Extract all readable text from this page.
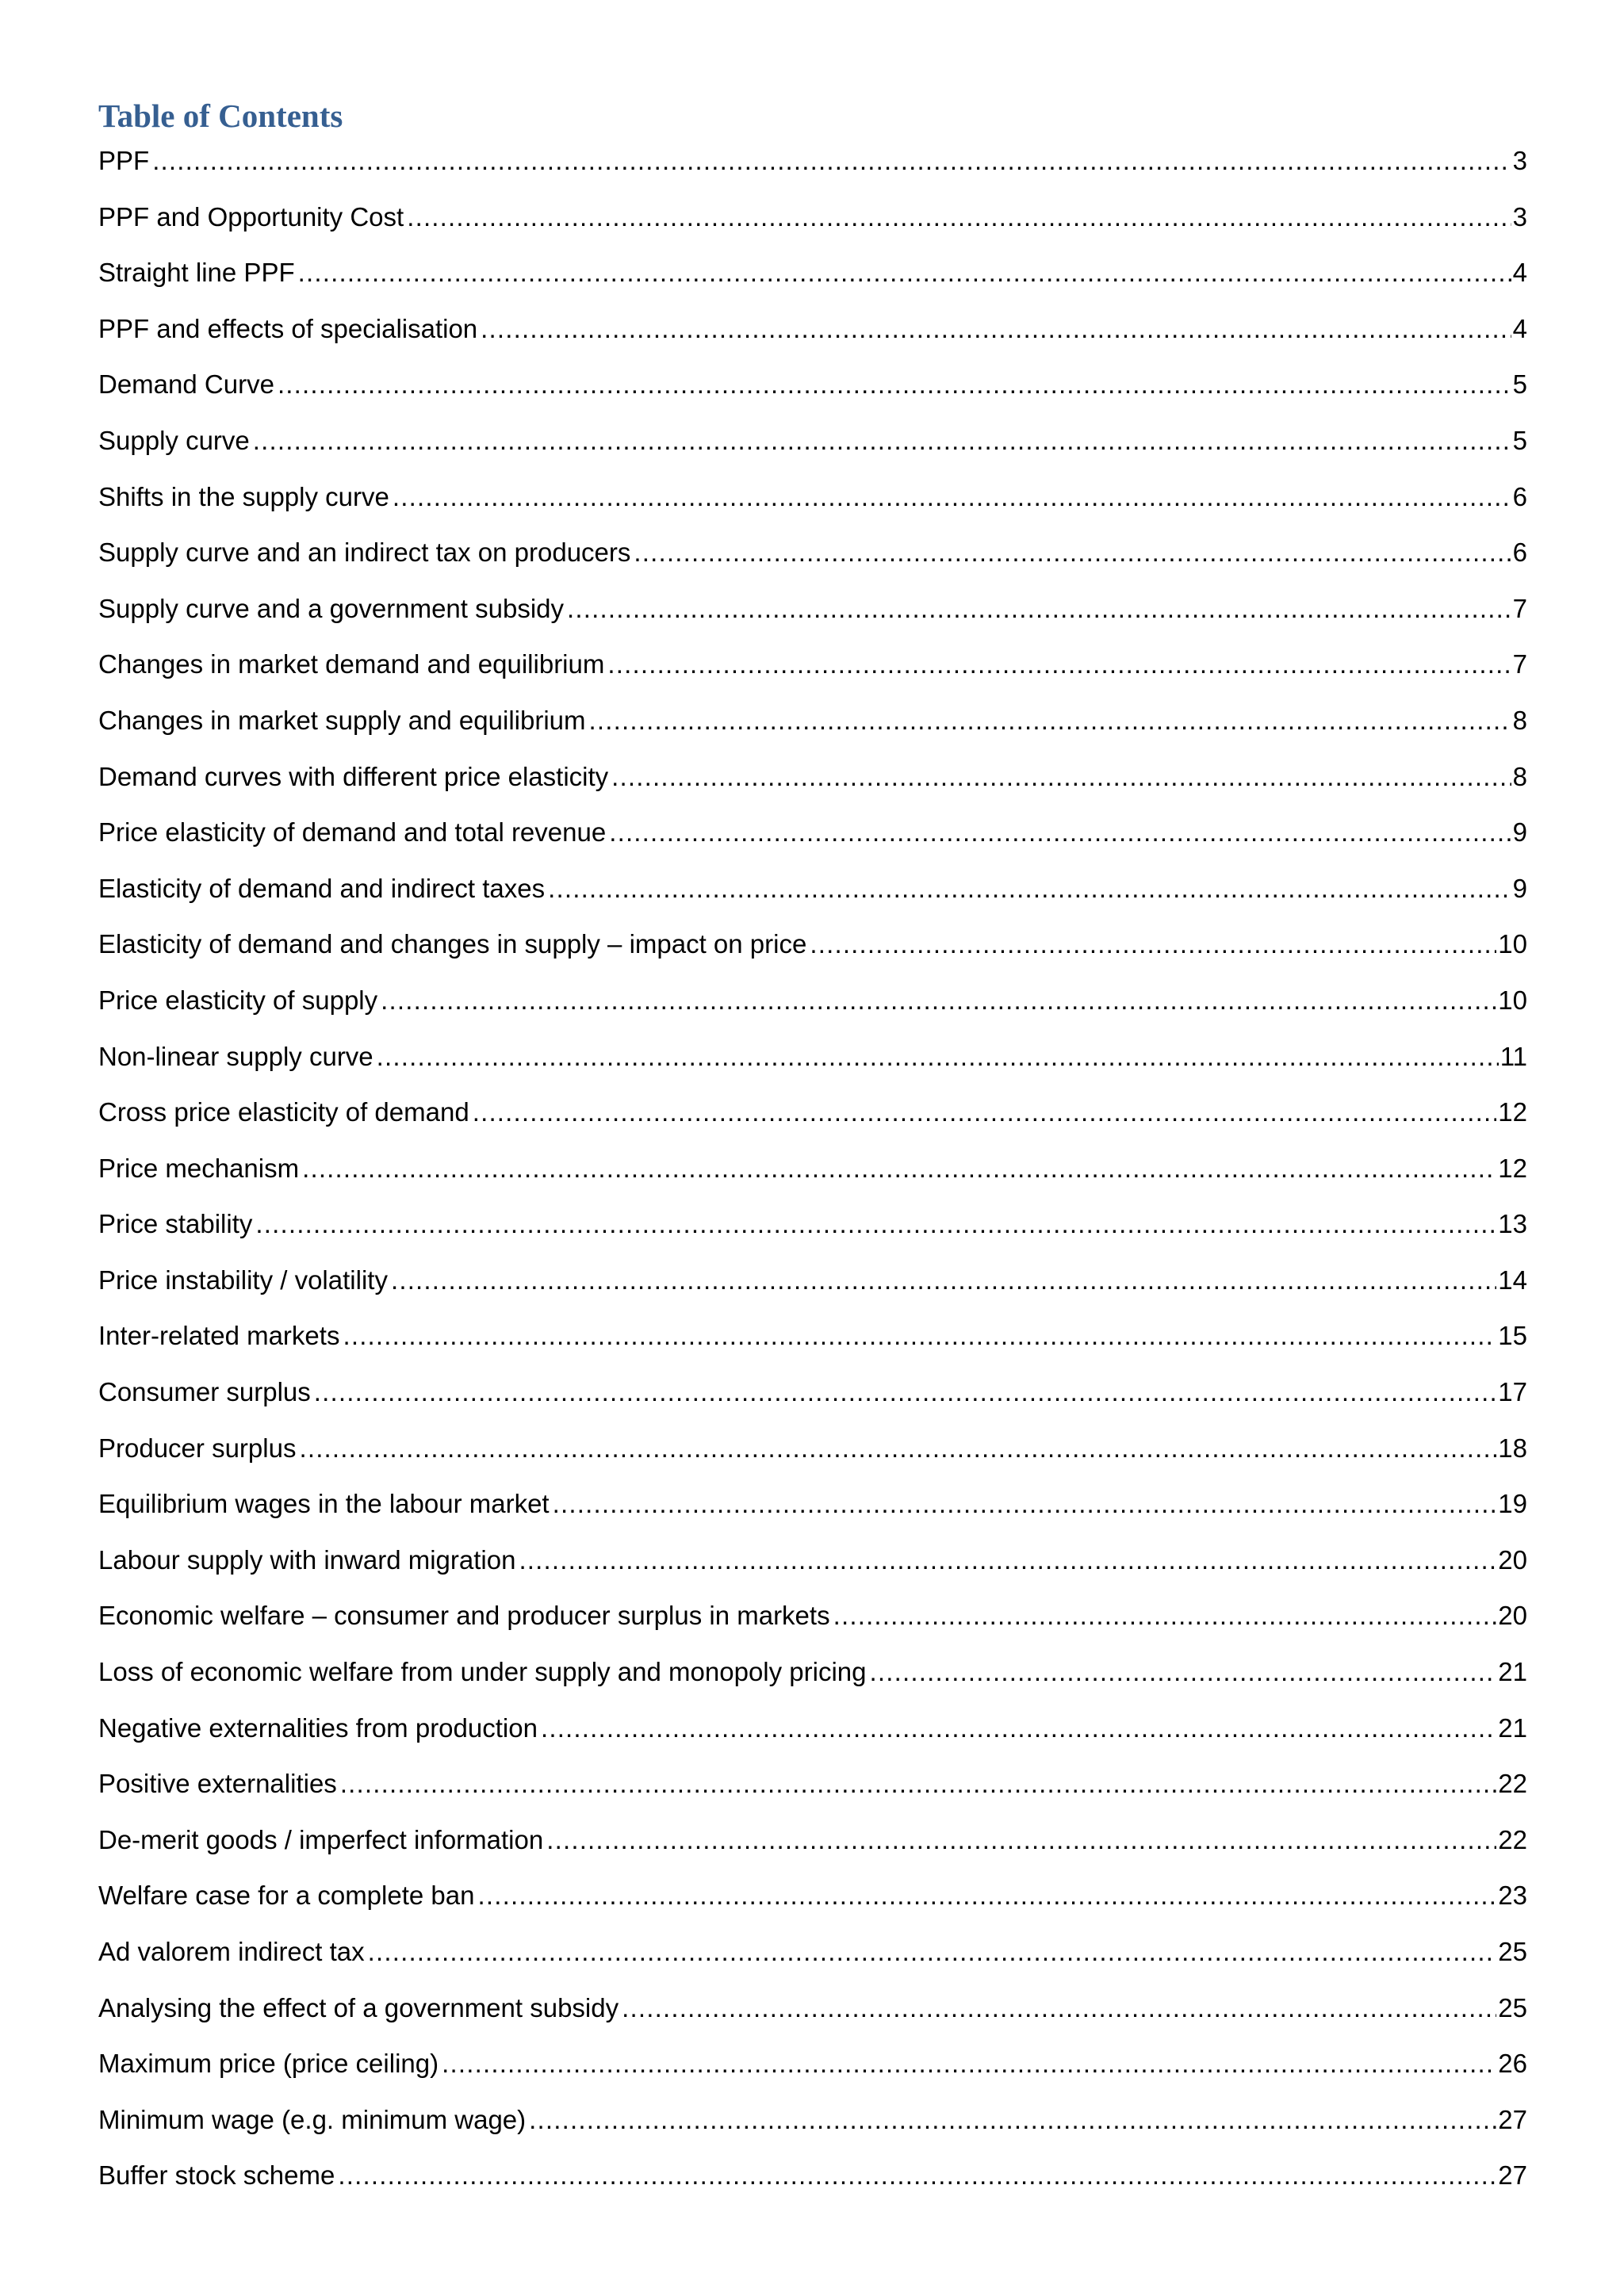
Table of Contents
PPF .....	3
PPF and Opportunity Cost .....	3
Straight line PPF .....	4
PPF and effects of specialisation .....	4
Demand Curve .....	5
Supply curve .....	5
Shifts in the supply curve .....	6
Supply curve and an indirect tax on producers .....	6
Supply curve and a government subsidy .....	7
Changes in market demand and equilibrium .....	7
Changes in market supply and equilibrium .....	8
Demand curves with different price elasticity .....	8
Price elasticity of demand and total revenue .....	9
Elasticity of demand and indirect taxes .....	9
Elasticity of demand and changes in supply – impact on price .....	10
Price elasticity of supply .....	10
Non-linear supply curve .....	11
Cross price elasticity of demand .....	12
Price mechanism .....	12
Price stability .....	13
Price instability / volatility .....	14
Inter-related markets .....	15
Consumer surplus .....	17
Producer surplus .....	18
Equilibrium wages in the labour market .....	19
Labour supply with inward migration .....	20
Economic welfare – consumer and producer surplus in markets .....	20
Loss of economic welfare from under supply and monopoly pricing .....	21
Negative externalities from production .....	21
Positive externalities .....	22
De-merit goods / imperfect information .....	22
Welfare case for a complete ban .....	23
Ad valorem indirect tax .....	25
Analysing the effect of a government subsidy .....	25
Maximum price (price ceiling) .....	26
Minimum wage (e.g. minimum wage) .....	27
Buffer stock scheme .....	27
